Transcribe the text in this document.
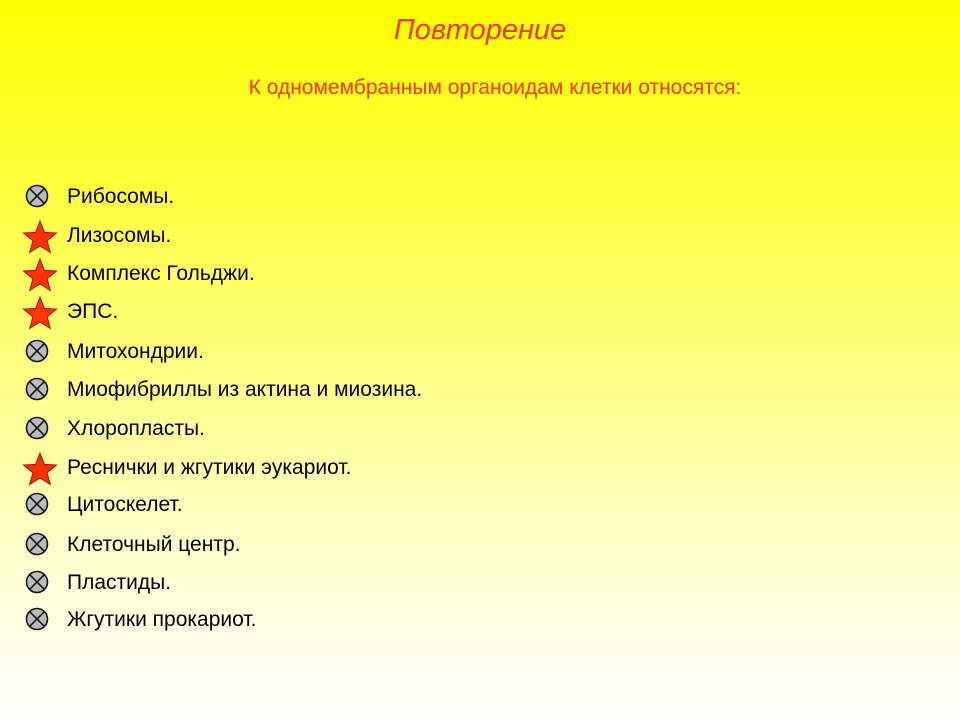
Повторение
К одномембранным органоидам клетки относятся:
Рибосомы.
Лизосомы.
Комплекс Гольджи.
ЭПС.
Митохондрии.
Миофибриллы из актина и миозина.
Хлоропласты.
Реснички и жгутики эукариот.
Цитоскелет.
Клеточный центр.
Пластиды.
Жгутики прокариот.
